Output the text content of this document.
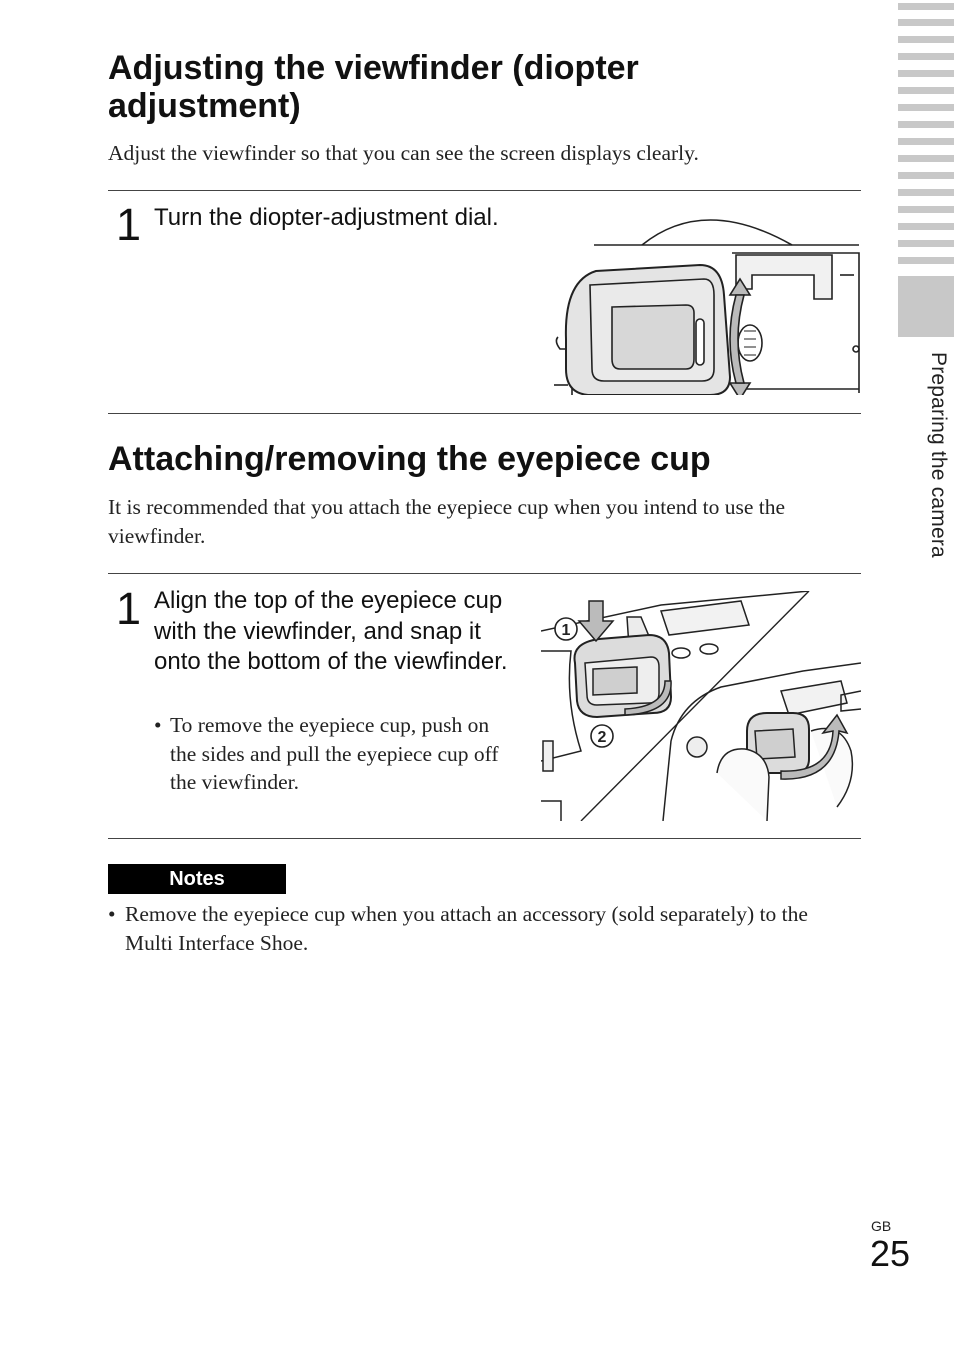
Preparing the camera
Adjusting the viewfinder (diopter adjustment)

Adjust the viewfinder so that you can see the screen displays clearly.

1 Turn the diopter-adjustment dial.

Attaching/removing the eyepiece cup

It is recommended that you attach the eyepiece cup when you intend to use the viewfinder.

1 Align the top of the eyepiece cup with the viewfinder, and snap it onto the bottom of the viewfinder.

• To remove the eyepiece cup, push on the sides and pull the eyepiece cup off the viewfinder.
1
2
Notes
• Remove the eyepiece cup when you attach an accessory (sold separately) to the Multi Interface Shoe.
GB
25
